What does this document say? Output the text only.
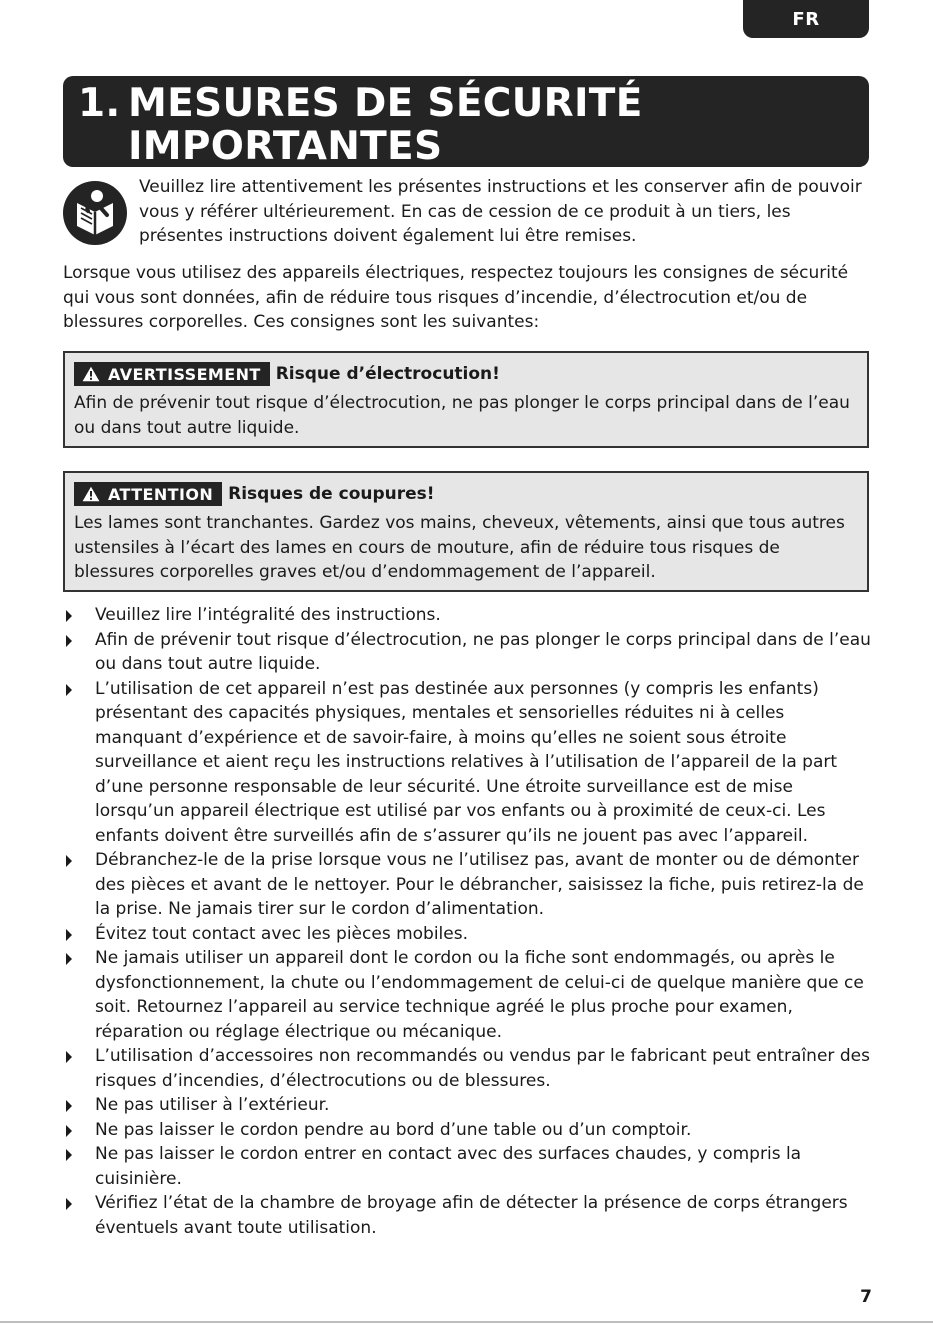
FR
1. MESURES DE SÉCURITÉ
IMPORTANTES
Veuillez lire attentivement les présentes instructions et les conserver afin de pouvoir vous y référer ultérieurement. En cas de cession de ce produit à un tiers, les présentes instructions doivent également lui être remises.
Lorsque vous utilisez des appareils électriques, respectez toujours les consignes de sécurité qui vous sont données, afin de réduire tous risques d’incendie, d’électrocution et/ou de blessures corporelles. Ces consignes sont les suivantes:
AVERTISSEMENT Risque d’électrocution!
Afin de prévenir tout risque d’électrocution, ne pas plonger le corps principal dans de l’eau ou dans tout autre liquide.
ATTENTION Risques de coupures!
Les lames sont tranchantes. Gardez vos mains, cheveux, vêtements, ainsi que tous autres ustensiles à l’écart des lames en cours de mouture, afin de réduire tous risques de blessures corporelles graves et/ou d’endommagement de l’appareil.
Veuillez lire l’intégralité des instructions.
Afin de prévenir tout risque d’électrocution, ne pas plonger le corps principal dans de l’eau ou dans tout autre liquide.
L’utilisation de cet appareil n’est pas destinée aux personnes (y compris les enfants) présentant des capacités physiques, mentales et sensorielles réduites ni à celles manquant d’expérience et de savoir-faire, à moins qu’elles ne soient sous étroite surveillance et aient reçu les instructions relatives à l’utilisation de l’appareil de la part d’une personne responsable de leur sécurité. Une étroite surveillance est de mise lorsqu’un appareil électrique est utilisé par vos enfants ou à proximité de ceux-ci. Les enfants doivent être surveillés afin de s’assurer qu’ils ne jouent pas avec l’appareil.
Débranchez-le de la prise lorsque vous ne l’utilisez pas, avant de monter ou de démonter des pièces et avant de le nettoyer. Pour le débrancher, saisissez la fiche, puis retirez-la de la prise. Ne jamais tirer sur le cordon d’alimentation.
Évitez tout contact avec les pièces mobiles.
Ne jamais utiliser un appareil dont le cordon ou la fiche sont endommagés, ou après le dysfonctionnement, la chute ou l’endommagement de celui-ci de quelque manière que ce soit. Retournez l’appareil au service technique agréé le plus proche pour examen, réparation ou réglage électrique ou mécanique.
L’utilisation d’accessoires non recommandés ou vendus par le fabricant peut entraîner des risques d’incendies, d’électrocutions ou de blessures.
Ne pas utiliser à l’extérieur.
Ne pas laisser le cordon pendre au bord d’une table ou d’un comptoir.
Ne pas laisser le cordon entrer en contact avec des surfaces chaudes, y compris la cuisinière.
Vérifiez l’état de la chambre de broyage afin de détecter la présence de corps étrangers éventuels avant toute utilisation.
7
